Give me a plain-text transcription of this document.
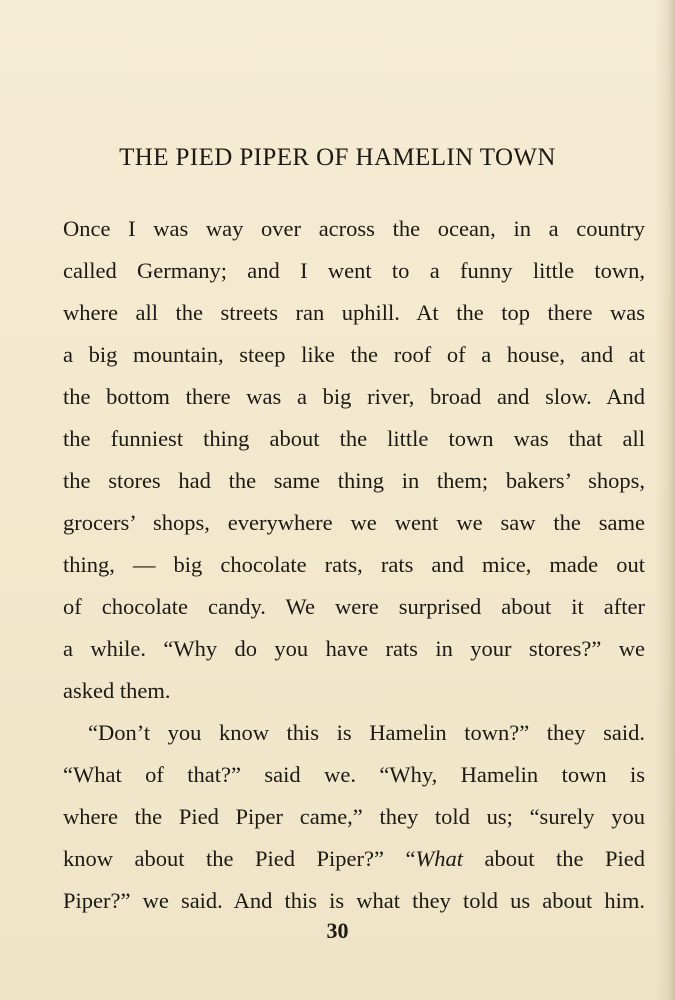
THE PIED PIPER OF HAMELIN TOWN
Once I was way over across the ocean, in a country
called Germany; and I went to a funny little town,
where all the streets ran uphill. At the top there was
a big mountain, steep like the roof of a house, and at
the bottom there was a big river, broad and slow. And
the funniest thing about the little town was that all
the stores had the same thing in them; bakers’ shops,
grocers’ shops, everywhere we went we saw the same
thing, — big chocolate rats, rats and mice, made out
of chocolate candy. We were surprised about it after
a while. “Why do you have rats in your stores?” we
asked them.
“Don’t you know this is Hamelin town?” they said.
“What of that?” said we. “Why, Hamelin town is
where the Pied Piper came,” they told us; “surely you
know about the Pied Piper?” “What about the Pied
Piper?” we said. And this is what they told us about him.
30
